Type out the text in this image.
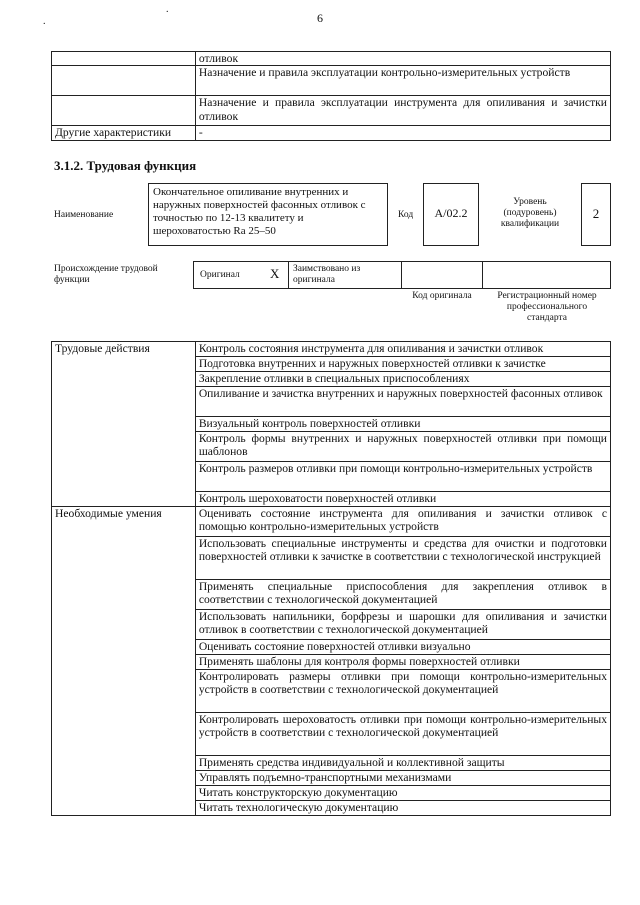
6
.
.
	отливок
	Назначение и правила эксплуатации контрольно-измерительных устройств
	Назначение и правила эксплуатации инструмента для опиливания и зачистки отливок
Другие характеристики	-
3.1.2. Трудовая функция
Наименование
Окончательное опиливание внутренних и наружных поверхностей фасонных отливок с точностью по 12-13 квалитету и шероховатостью Ra 25–50
Код	A/02.2
Уровень (подуровень) квалификации
2
Происхождение трудовой функции	Оригинал	X	Заимствовано из оригинала
Код оригинала	Регистрационный номер профессионального стандарта
Трудовые действия	Контроль состояния инструмента для опиливания и зачистки отливок
	Подготовка внутренних и наружных поверхностей отливки к зачистке
	Закрепление отливки в специальных приспособлениях
	Опиливание и зачистка внутренних и наружных поверхностей фасонных отливок
	Визуальный контроль поверхностей отливки
	Контроль формы внутренних и наружных поверхностей отливки при помощи шаблонов
	Контроль размеров отливки при помощи контрольно-измерительных устройств
	Контроль шероховатости поверхностей отливки
Необходимые умения	Оценивать состояние инструмента для опиливания и зачистки отливок с помощью контрольно-измерительных устройств
	Использовать специальные инструменты и средства для очистки и подготовки поверхностей отливки к зачистке в соответствии с технологической инструкцией
	Применять специальные приспособления для закрепления отливок в соответствии с технологической документацией
	Использовать напильники, борфрезы и шарошки для опиливания и зачистки отливок в соответствии с технологической документацией
	Оценивать состояние поверхностей отливки визуально
	Применять шаблоны для контроля формы поверхностей отливки
	Контролировать размеры отливки при помощи контрольно-измерительных устройств в соответствии с технологической документацией
	Контролировать шероховатость отливки при помощи контрольно-измерительных устройств в соответствии с технологической документацией
	Применять средства индивидуальной и коллективной защиты
	Управлять подъемно-транспортными механизмами
	Читать конструкторскую документацию
	Читать технологическую документацию
